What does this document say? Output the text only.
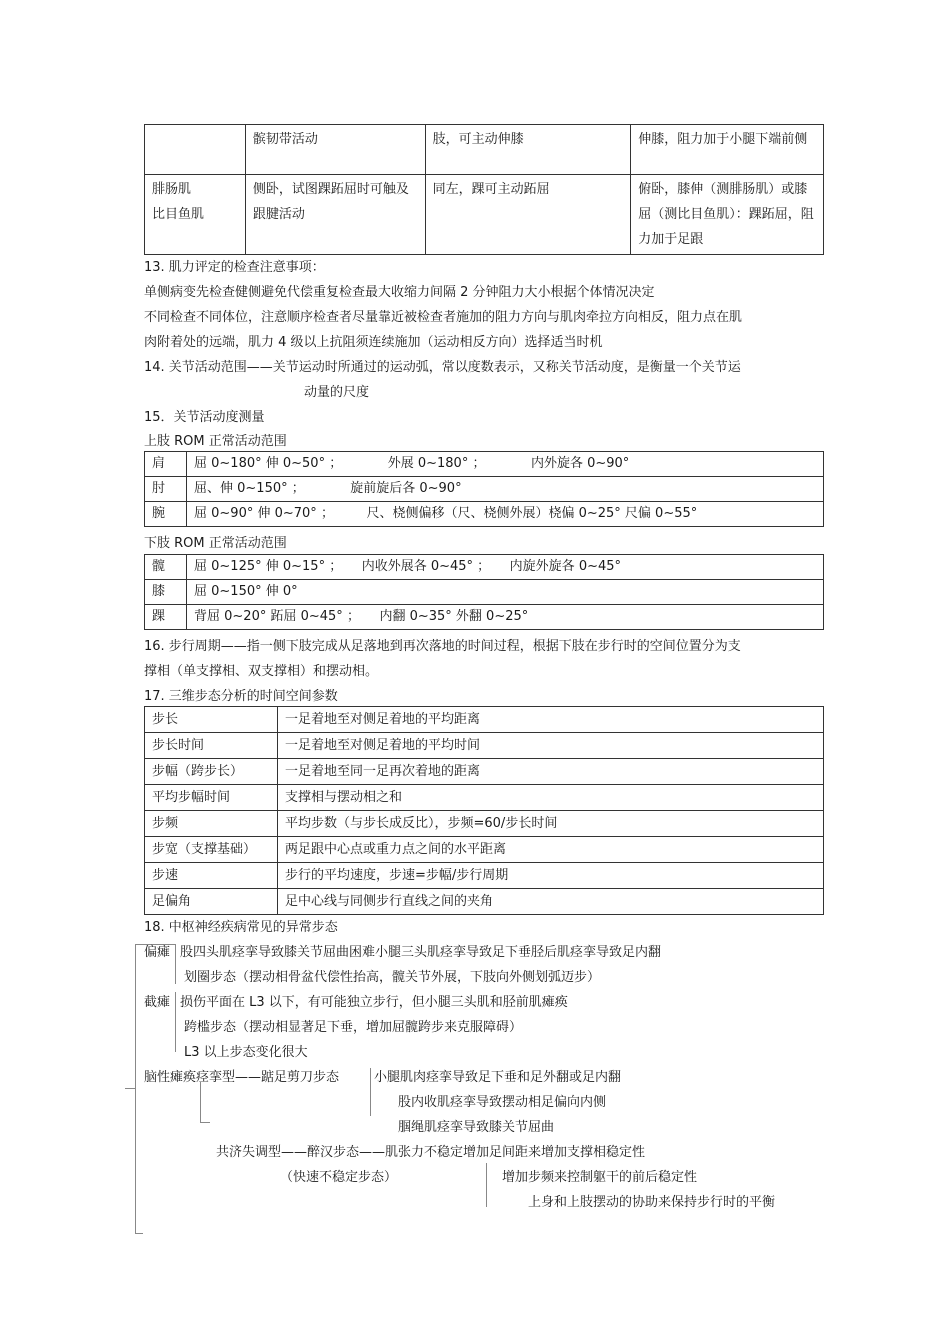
	髌韧带活动	肢，可主动伸膝	伸膝，阻力加于小腿下端前侧
腓肠肌
比目鱼肌	侧卧，试图踝跖屈时可触及跟腱活动	同左，踝可主动跖屈	俯卧，膝伸（测腓肠肌）或膝屈（测比目鱼肌）：踝跖屈，阻力加于足跟
13. 肌力评定的检查注意事项：
单侧病变先检查健侧避免代偿重复检查最大收缩力间隔 2 分钟阻力大小根据个体情况决定
不同检查不同体位，注意顺序检查者尽量靠近被检查者施加的阻力方向与肌肉牵拉方向相反，阻力点在肌
肉附着处的远端，肌力 4 级以上抗阻须连续施加（运动相反方向）选择适当时机
14. 关节活动范围——关节运动时所通过的运动弧，常以度数表示，又称关节活动度，是衡量一个关节运
动量的尺度
15．关节活动度测量
上肢 ROM 正常活动范围
肩	屈 0~180° 伸 0~50° ；　　　　外展 0~180° ；　　　　内外旋各 0~90°
肘	屈、伸 0~150° ；　　　　旋前旋后各 0~90°
腕	屈 0~90° 伸 0~70° ；　　　尺、桡侧偏移（尺、桡侧外展）桡偏 0~25° 尺偏 0~55°
下肢 ROM 正常活动范围
髋	屈 0~125° 伸 0~15° ；　　内收外展各 0~45° ；　　内旋外旋各 0~45°
膝	屈 0~150° 伸 0°
踝	背屈 0~20° 跖屈 0~45° ；　　内翻 0~35° 外翻 0~25°
16. 步行周期——指一侧下肢完成从足落地到再次落地的时间过程，根据下肢在步行时的空间位置分为支
撑相（单支撑相、双支撑相）和摆动相。
17. 三维步态分析的时间空间参数
步长	一足着地至对侧足着地的平均距离
步长时间	一足着地至对侧足着地的平均时间
步幅（跨步长）	一足着地至同一足再次着地的距离
平均步幅时间	支撑相与摆动相之和
步频	平均步数（与步长成反比），步频=60/步长时间
步宽（支撑基础）	两足跟中心点或重力点之间的水平距离
步速	步行的平均速度，步速=步幅/步行周期
足偏角	足中心线与同侧步行直线之间的夹角
18. 中枢神经疾病常见的异常步态
偏瘫 股四头肌痉挛导致膝关节屈曲困难小腿三头肌痉挛导致足下垂胫后肌痉挛导致足内翻
划圈步态（摆动相骨盆代偿性抬高，髋关节外展，下肢向外侧划弧迈步）
截瘫 损伤平面在 L3 以下，有可能独立步行，但小腿三头肌和胫前肌瘫痪
跨槛步态（摆动相显著足下垂，增加屈髋跨步来克服障碍）
L3 以上步态变化很大
脑性瘫痪痉挛型——踮足剪刀步态	小腿肌肉痉挛导致足下垂和足外翻或足内翻
股内收肌痉挛导致摆动相足偏向内侧
腘绳肌痉挛导致膝关节屈曲
共济失调型——醉汉步态——肌张力不稳定增加足间距来增加支撑相稳定性
（快速不稳定步态）	增加步频来控制躯干的前后稳定性
上身和上肢摆动的协助来保持步行时的平衡
